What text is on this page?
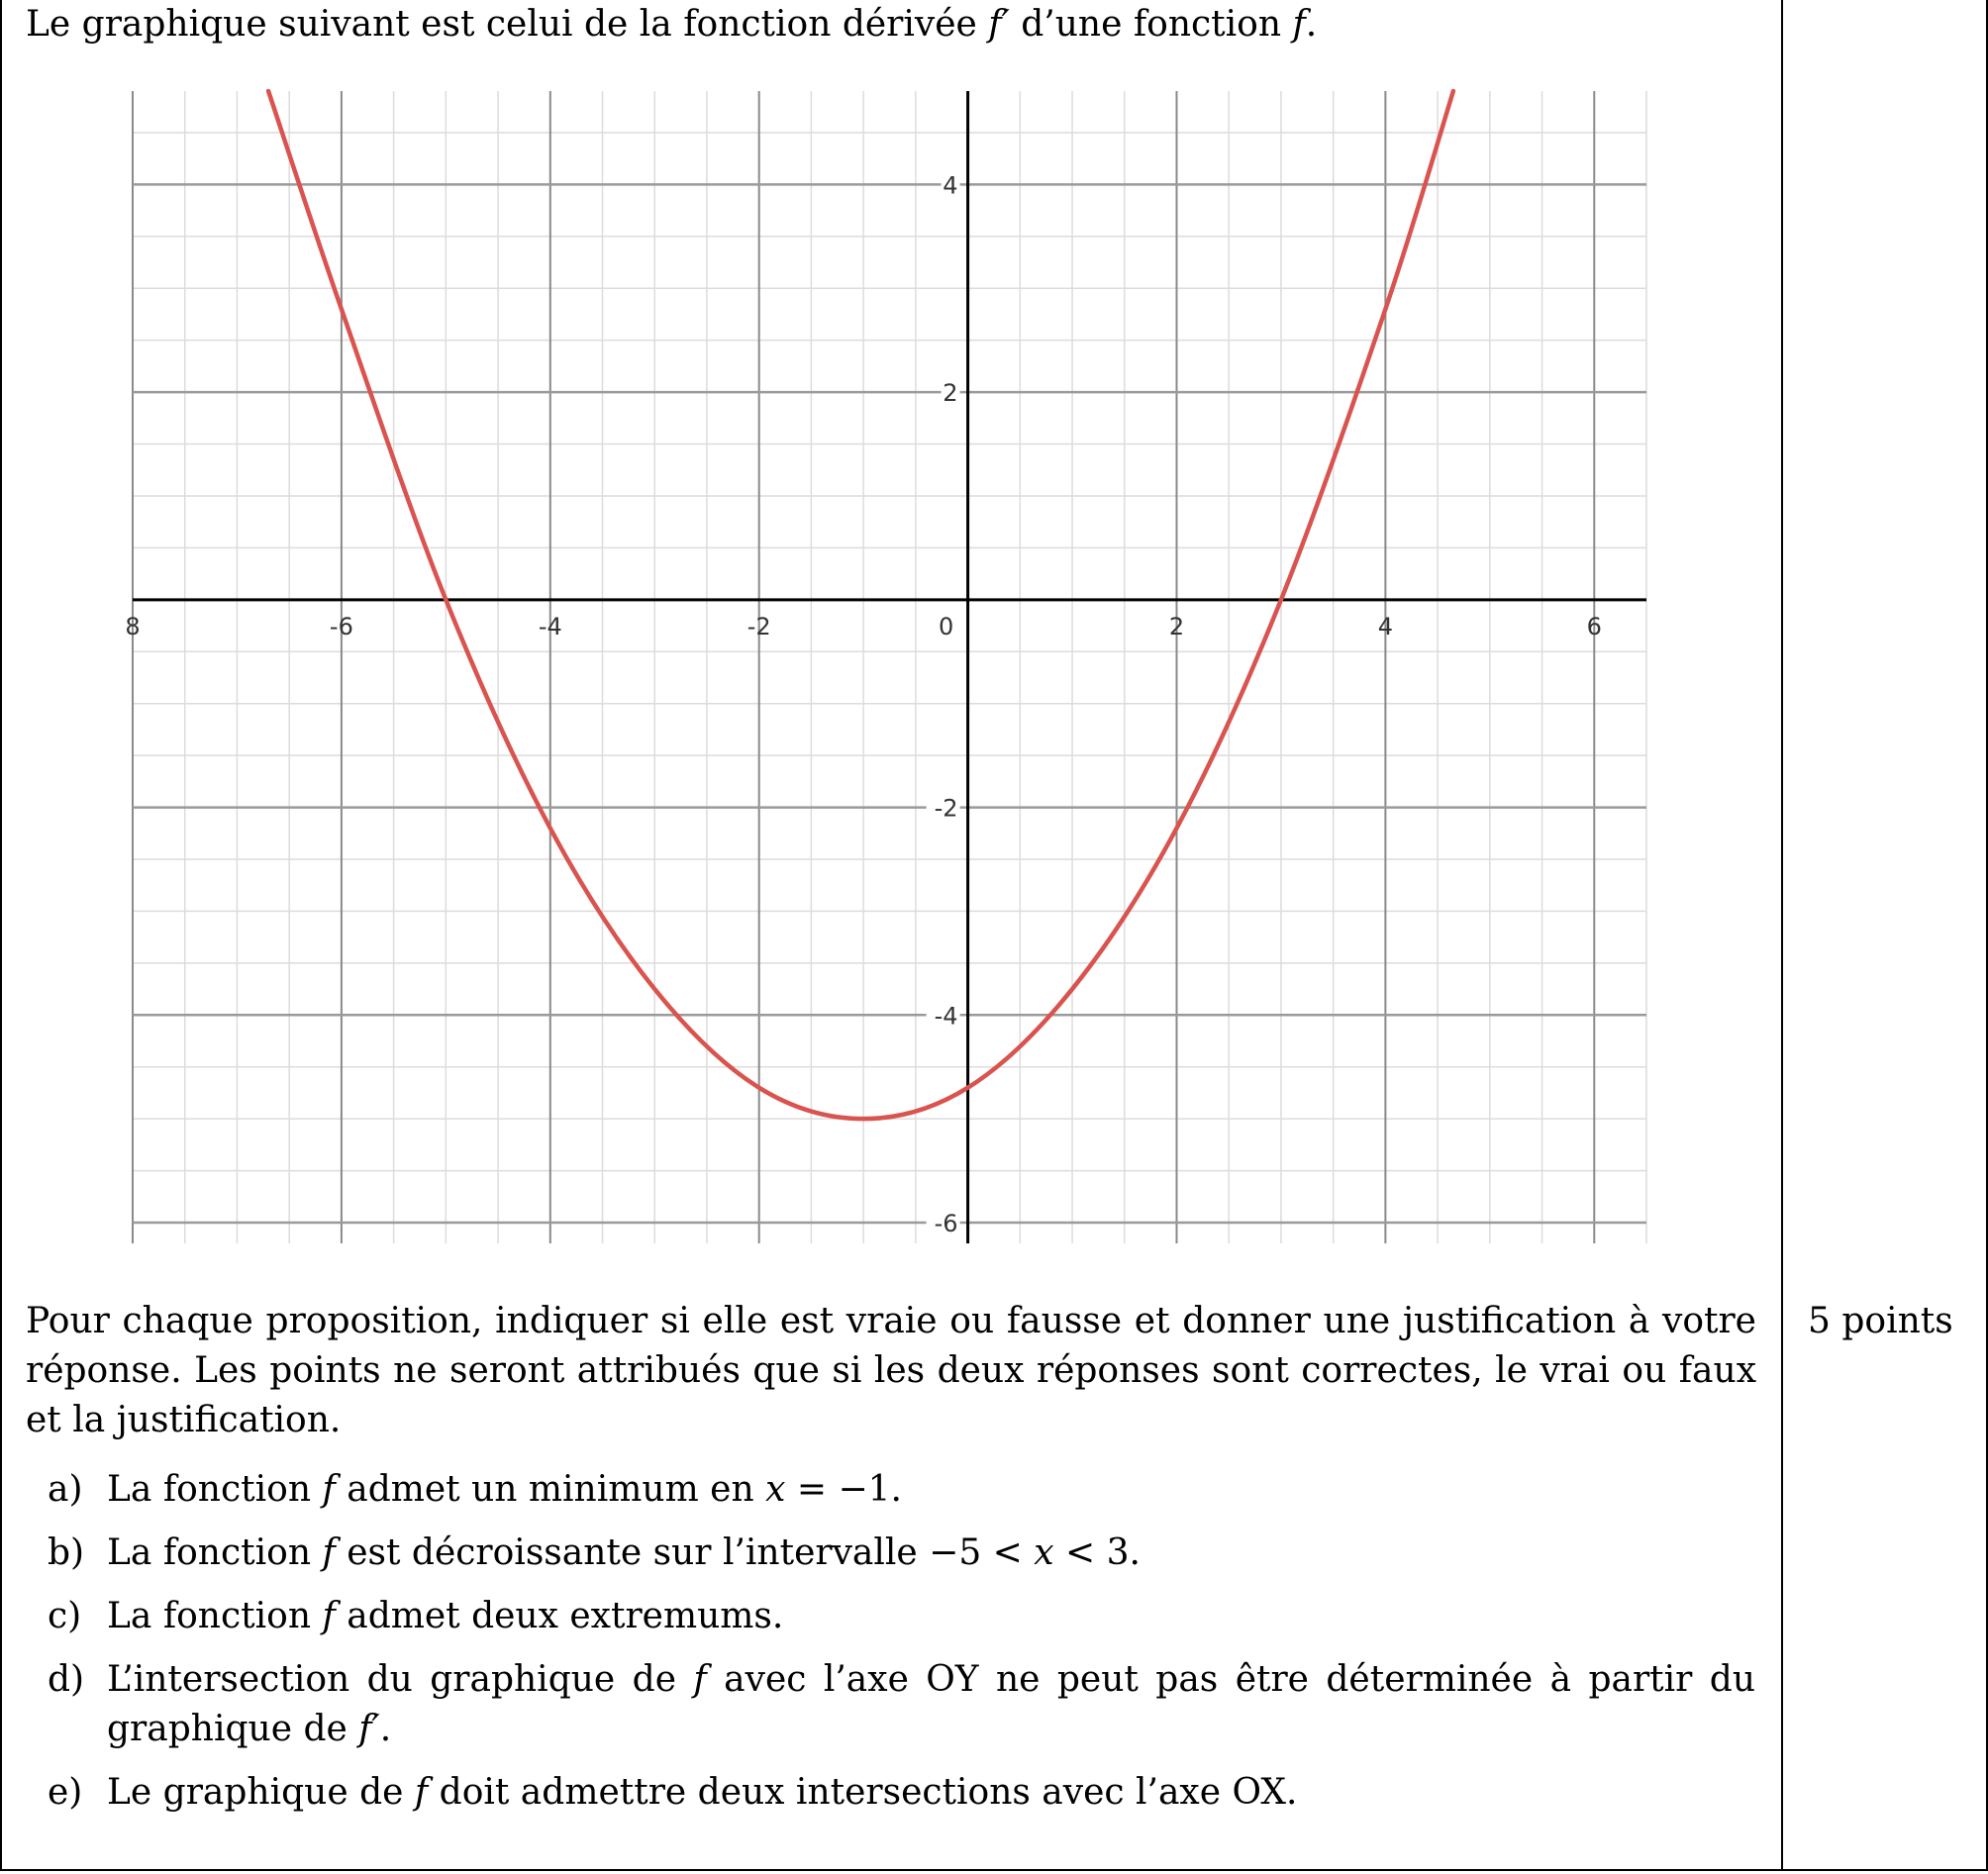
Le graphique suivant est celui de la fonction dérivée f′ d’une fonction f.
8	-6	-4	-2	0	2	4	6
4
2
-2
-4
-6
Pour chaque proposition, indiquer si elle est vraie ou fausse et donner une justification à votre réponse. Les points ne seront attribués que si les deux réponses sont correctes, le vrai ou faux et la justification.
5 points
a) La fonction f admet un minimum en x = −1.
b) La fonction f est décroissante sur l’intervalle −5 < x < 3.
c) La fonction f admet deux extremums.
d) L’intersection du graphique de f avec l’axe OY ne peut pas être déterminée à partir du graphique de f′.
e) Le graphique de f doit admettre deux intersections avec l’axe OX.
